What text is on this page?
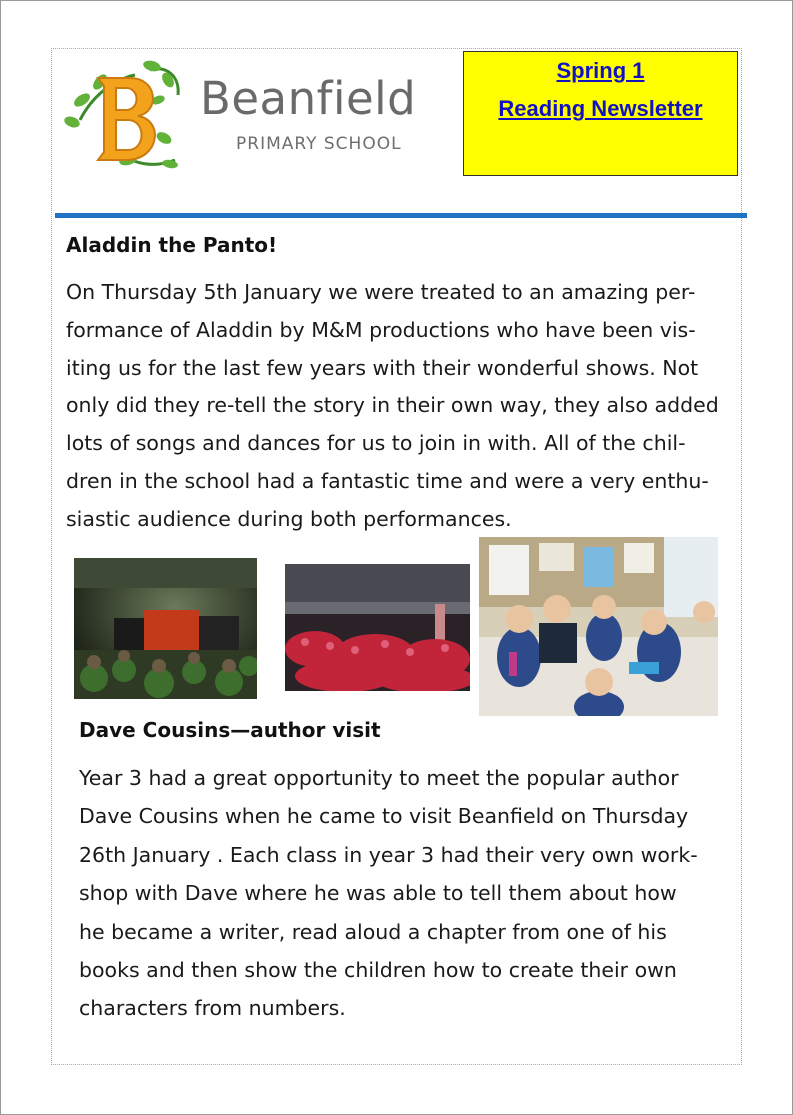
Beanfield
PRIMARY SCHOOL
Spring 1
Reading Newsletter
Aladdin the Panto!
On Thursday 5th January we were treated to an amazing per-
formance of Aladdin by M&M productions who have been vis-
iting us for the last few years with their wonderful shows. Not
only did they re-tell the story in their own way, they also added
lots of songs and dances for us to join in with. All of the chil-
dren in the school had a fantastic time and were a very enthu-
siastic audience during both performances.
Dave Cousins—author visit
Year 3 had a great opportunity to meet the popular author
Dave Cousins when he came to visit Beanfield on Thursday
26th January . Each class in year 3 had their very own work-
shop with Dave where he was able to tell them about how
he became a writer, read aloud a chapter from one of his
books and then show the children how to create their own
characters from numbers.
